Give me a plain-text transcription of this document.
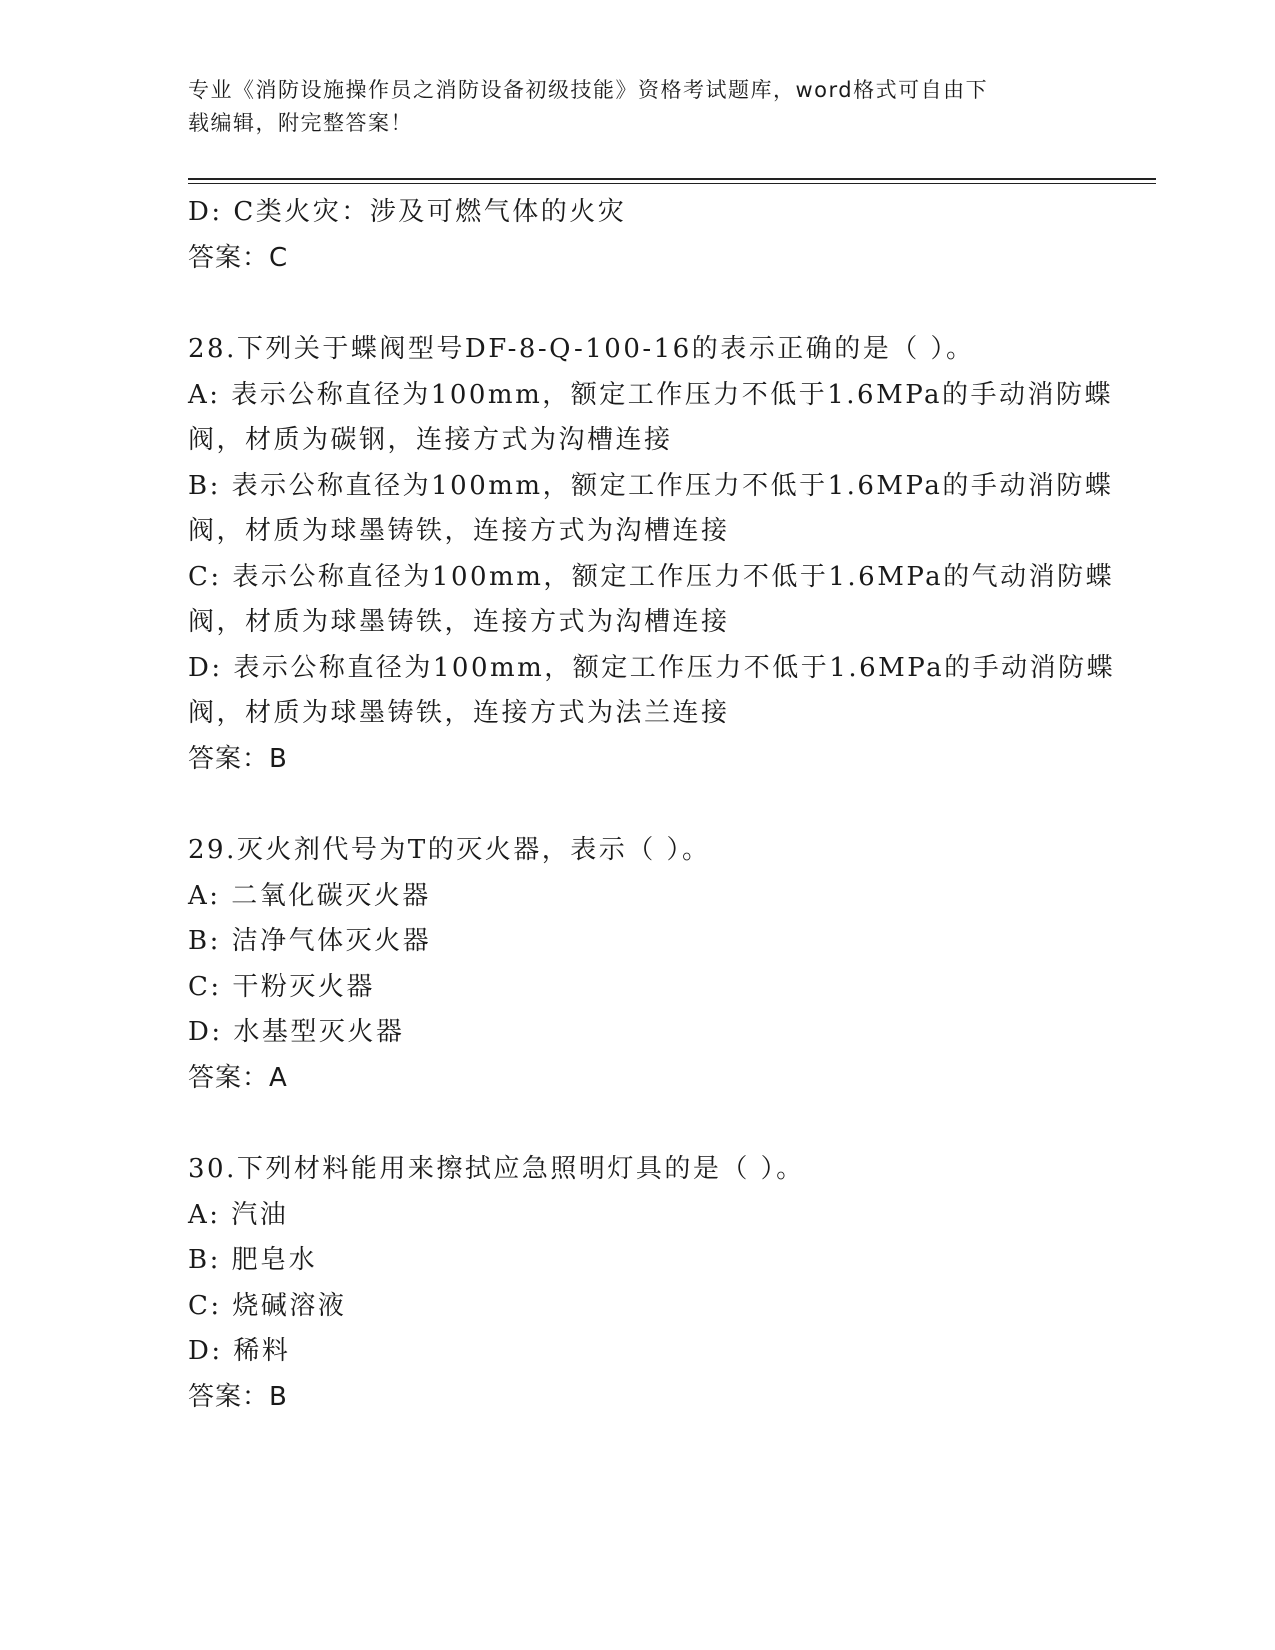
专业《消防设施操作员之消防设备初级技能》资格考试题库，word格式可自由下
载编辑，附完整答案！
D: C类火灾：涉及可燃气体的火灾
答案：C
28.下列关于蝶阀型号DF-8-Q-100-16的表示正确的是（ ）。
A: 表示公称直径为100mm，额定工作压力不低于1.6MPa的手动消防蝶
阀，材质为碳钢，连接方式为沟槽连接
B: 表示公称直径为100mm，额定工作压力不低于1.6MPa的手动消防蝶
阀，材质为球墨铸铁，连接方式为沟槽连接
C: 表示公称直径为100mm，额定工作压力不低于1.6MPa的气动消防蝶
阀，材质为球墨铸铁，连接方式为沟槽连接
D: 表示公称直径为100mm，额定工作压力不低于1.6MPa的手动消防蝶
阀，材质为球墨铸铁，连接方式为法兰连接
答案：B
29.灭火剂代号为T的灭火器，表示（ ）。
A: 二氧化碳灭火器
B: 洁净气体灭火器
C: 干粉灭火器
D: 水基型灭火器
答案：A
30.下列材料能用来擦拭应急照明灯具的是（ ）。
A: 汽油
B: 肥皂水
C: 烧碱溶液
D: 稀料
答案：B
